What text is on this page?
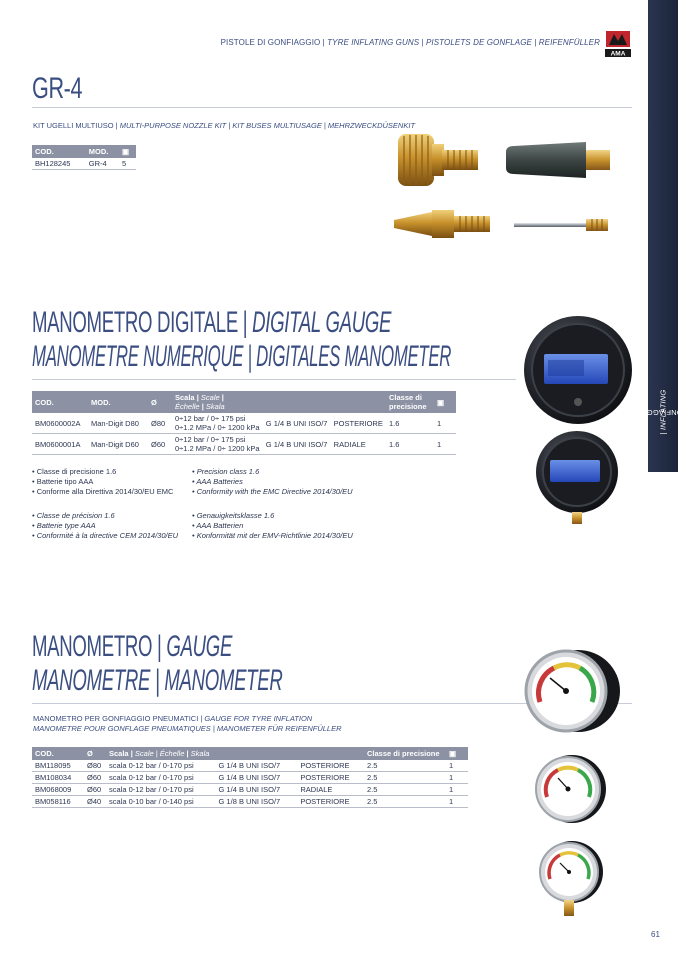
GONFIAGGIO
| INFLATING
PISTOLE DI GONFIAGGIO | TYRE INFLATING GUNS | PISTOLETS DE GONFLAGE | REIFENFÜLLER
AMA
GR-4
KIT UGELLI MULTIUSO | MULTI-PURPOSE NOZZLE KIT | KIT BUSES MULTIUSAGE | MEHRZWECKDÜSENKIT
COD.	MOD.	▣
BH128245	GR-4	5
MANOMETRO DIGITALE | DIGITAL GAUGE
MANOMETRE NUMERIQUE | DIGITALES MANOMETER
COD.	MOD.	Ø	Scala | Scale |
Échelle | Skala			Classe di
precisione	▣
BM0600002A	Man-Digit D80	Ø80	0÷12 bar / 0÷ 175 psi
0÷1.2 MPa / 0÷ 1200 kPa	G 1/4 B UNI ISO/7	POSTERIORE	1.6	1
BM0600001A	Man-Digit D60	Ø60	0÷12 bar / 0÷ 175 psi
0÷1.2 MPa / 0÷ 1200 kPa	G 1/4 B UNI ISO/7	RADIALE	1.6	1
• Classe di precisione 1.6
• Batterie tipo AAA
• Conforme alla Direttiva 2014/30/EU EMC
• Precision class 1.6
• AAA Batteries
• Conformity with the EMC Directive 2014/30/EU
• Classe de précision 1.6
• Batterie type AAA
• Conformité à la directive CEM 2014/30/EU
• Genauigkeitsklasse 1.6
• AAA Batterien
• Konformität mit der EMV-Richtlinie 2014/30/EU
MANOMETRO | GAUGE
MANOMETRE | MANOMETER
MANOMETRO PER GONFIAGGIO PNEUMATICI | GAUGE FOR TYRE INFLATION
MANOMETRE POUR GONFLAGE PNEUMATIQUES | MANOMETER FÜR REIFENFÜLLER
COD.	Ø	Scala | Scale | Échelle | Skala			Classe di precisione	▣
BM118095	Ø80	scala 0-12 bar / 0-170 psi	G 1/4 B UNI ISO/7	POSTERIORE	2.5	1
BM108034	Ø60	scala 0-12 bar / 0-170 psi	G 1/4 B UNI ISO/7	POSTERIORE	2.5	1
BM068009	Ø60	scala 0-12 bar / 0-170 psi	G 1/4 B UNI ISO/7	RADIALE	2.5	1
BM058116	Ø40	scala 0-10 bar / 0-140 psi	G 1/8 B UNI ISO/7	POSTERIORE	2.5	1
61
